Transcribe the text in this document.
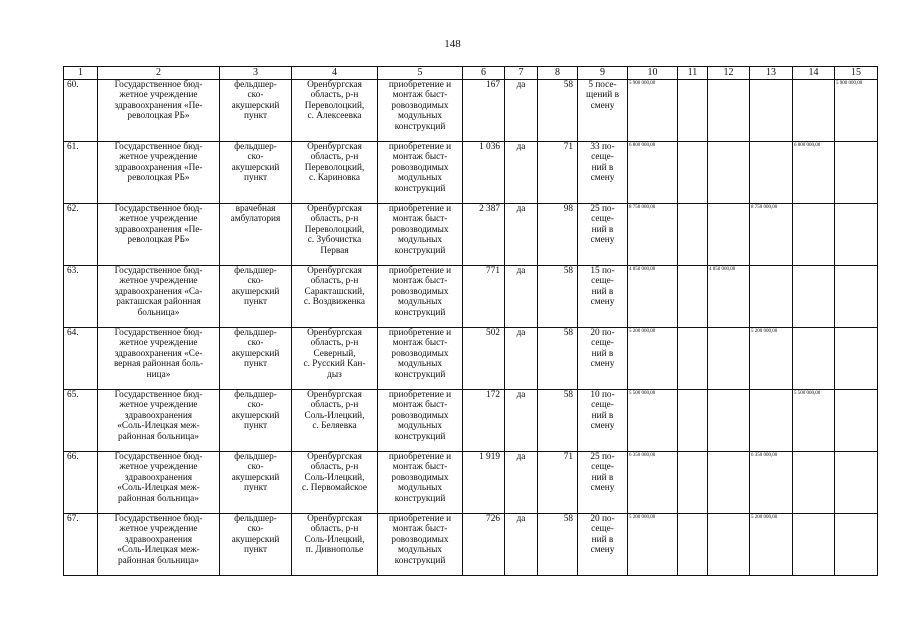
148
1	2	3	4	5	6	7	8	9	10	11	12	13	14	15
60.	Государственное бюд-
жетное учреждение
здравоохранения «Пе-
револоцкая РБ»	фельдшер-
ско-
акушерский
пункт	Оренбургская
область, р-н
Переволоцкий,
с. Алексеевка	приобретение и
монтаж быст-
ровозводимых
модульных
конструкций	167	да	58	5 посе-
щений в
смену	5 900 000,00					5 900 000,00
61.	Государственное бюд-
жетное учреждение
здравоохранения «Пе-
револоцкая РБ»	фельдшер-
ско-
акушерский
пункт	Оренбургская
область, р-н
Переволоцкий,
с. Кариновка	приобретение и
монтаж быст-
ровозводимых
модульных
конструкций	1 036	да	71	33 по-
сеще-
ний в
смену	6 800 000,00				6 800 000,00	
62.	Государственное бюд-
жетное учреждение
здравоохранения «Пе-
револоцкая РБ»	врачебная
амбулатория	Оренбургская
область, р-н
Переволоцкий,
с. Зубочистка
Первая	приобретение и
монтаж быст-
ровозводимых
модульных
конструкций	2 387	да	98	25 по-
сеще-
ний в
смену	8 750 000,00			8 750 000,00		
63.	Государственное бюд-
жетное учреждение
здравоохранения «Са-
ракташская районная
больница»	фельдшер-
ско-
акушерский
пункт	Оренбургская
область, р-н
Саракташский,
с. Воздвиженка	приобретение и
монтаж быст-
ровозводимых
модульных
конструкций	771	да	58	15 по-
сеще-
ний в
смену	4 850 000,00		4 850 000,00			
64.	Государственное бюд-
жетное учреждение
здравоохранения «Се-
верная районная боль-
ница»	фельдшер-
ско-
акушерский
пункт	Оренбургская
область, р-н
Северный,
с. Русский Кан-
дыз	приобретение и
монтаж быст-
ровозводимых
модульных
конструкций	502	да	58	20 по-
сеще-
ний в
смену	5 200 000,00			5 200 000,00		
65.	Государственное бюд-
жетное учреждение
здравоохранения
«Соль-Илецкая меж-
районная больница»	фельдшер-
ско-
акушерский
пункт	Оренбургская
область, р-н
Соль-Илецкий,
с. Беляевка	приобретение и
монтаж быст-
ровозводимых
модульных
конструкций	172	да	58	10 по-
сеще-
ний в
смену	5 500 000,00				5 500 000,00	
66.	Государственное бюд-
жетное учреждение
здравоохранения
«Соль-Илецкая меж-
районная больница»	фельдшер-
ско-
акушерский
пункт	Оренбургская
область, р-н
Соль-Илецкий,
с. Первомайское	приобретение и
монтаж быст-
ровозводимых
модульных
конструкций	1 919	да	71	25 по-
сеще-
ний в
смену	6 350 000,00			6 350 000,00		
67.	Государственное бюд-
жетное учреждение
здравоохранения
«Соль-Илецкая меж-
районная больница»	фельдшер-
ско-
акушерский
пункт	Оренбургская
область, р-н
Соль-Илецкий,
п. Дивнополье	приобретение и
монтаж быст-
ровозводимых
модульных
конструкций	726	да	58	20 по-
сеще-
ний в
смену	5 200 000,00			5 200 000,00		
